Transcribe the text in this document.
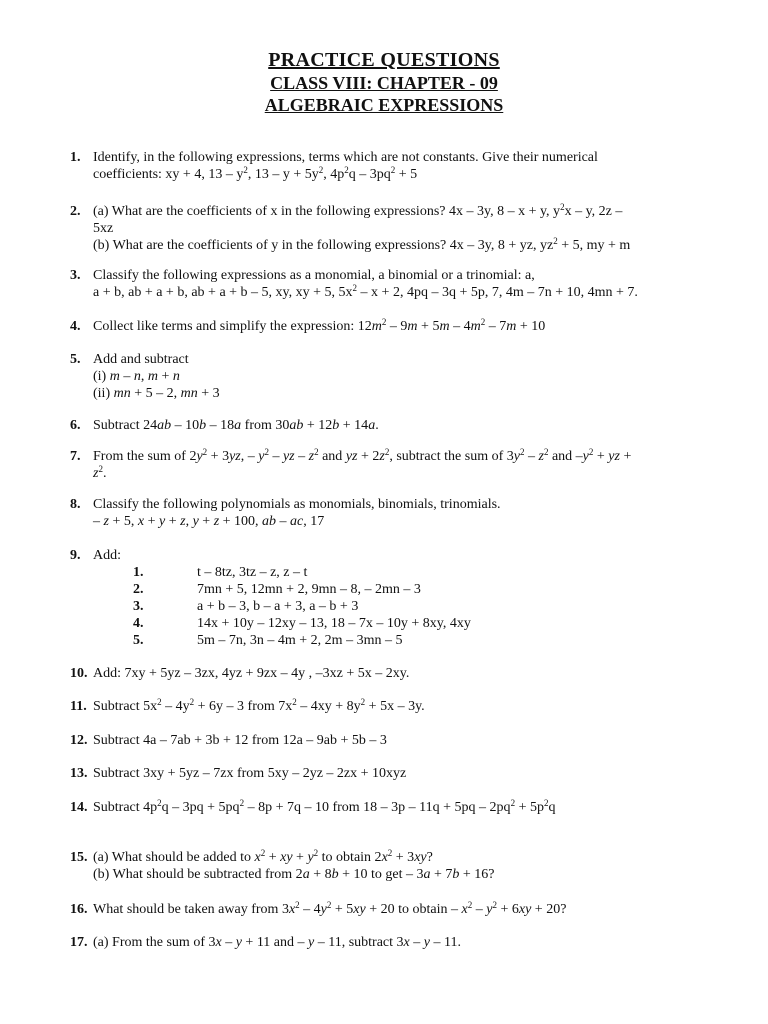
PRACTICE QUESTIONS
CLASS VIII: CHAPTER - 09
ALGEBRAIC EXPRESSIONS
1. Identify, in the following expressions, terms which are not constants. Give their numerical
coefficients: xy + 4, $13 - y^2$, $13 - y + 5y^2$, $4p^2q - 3pq^2 + 5$
2. (a) What are the coefficients of x in the following expressions? 4x – 3y, 8 – x + y, $y^2x$ – y, 2z –
5xz
(b) What are the coefficients of y in the following expressions? 4x – 3y, 8 + yz, $yz^2 + 5$, my + m
3. Classify the following expressions as a monomial, a binomial or a trinomial: a,
a + b, ab + a + b, ab + a + b – 5, xy, xy + 5, $5x^2 - x + 2$, 4pq – 3q + 5p, 7, 4m – 7n + 10, 4mn + 7.
4. Collect like terms and simplify the expression: $12m^2 - 9m + 5m - 4m^2 - 7m + 10$
5. Add and subtract
(i) m – n, m + n
(ii) mn + 5 – 2, mn + 3
6. Subtract 24ab – 10b – 18a from 30ab + 12b + 14a.
7. From the sum of $2y^2 + 3yz$, – $y^2$ – yz – $z^2$ and yz + $2z^2$, subtract the sum of $3y^2 - z^2$ and $-y^2$ + yz +
$z^2$.
8. Classify the following polynomials as monomials, binomials, trinomials.
– z + 5, x + y + z, y + z + 100, ab – ac, 17
9. Add:
1.	t – 8tz, 3tz – z, z – t
2.	7mn + 5, 12mn + 2, 9mn – 8, – 2mn – 3
3.	a + b – 3, b – a + 3, a – b + 3
4.	14x + 10y – 12xy – 13, 18 – 7x – 10y + 8xy, 4xy
5.	5m – 7n, 3n – 4m + 2, 2m – 3mn – 5
10. Add: 7xy + 5yz – 3zx, 4yz + 9zx – 4y , –3xz + 5x – 2xy.
11. Subtract $5x^2 - 4y^2 + 6y - 3$ from $7x^2 - 4xy + 8y^2 + 5x - 3y$.
12. Subtract 4a – 7ab + 3b + 12 from 12a – 9ab + 5b – 3
13. Subtract 3xy + 5yz – 7zx from 5xy – 2yz – 2zx + 10xyz
14. Subtract $4p^2q - 3pq + 5pq^2 - 8p + 7q - 10$ from $18 - 3p - 11q + 5pq - 2pq^2 + 5p^2q$
15. (a) What should be added to $x^2$ + xy + $y^2$ to obtain $2x^2 + 3xy$?
(b) What should be subtracted from 2a + 8b + 10 to get – 3a + 7b + 16?
16. What should be taken away from $3x^2 - 4y^2 + 5xy + 20$ to obtain – $x^2 - y^2 + 6xy + 20$?
17. (a) From the sum of 3x – y + 11 and – y – 11, subtract 3x – y – 11.
